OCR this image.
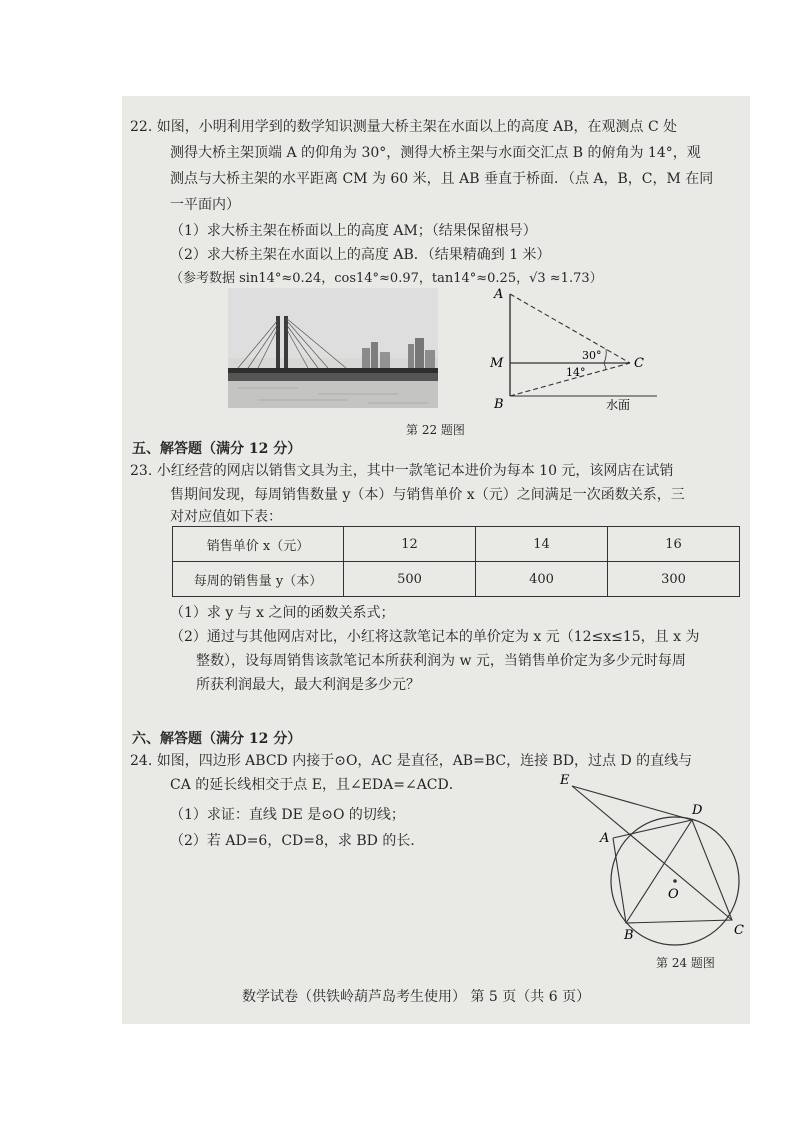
22. 如图，小明利用学到的数学知识测量大桥主架在水面以上的高度 AB，在观测点 C 处
测得大桥主架顶端 A 的仰角为 30°，测得大桥主架与水面交汇点 B 的俯角为 14°，观
测点与大桥主架的水平距离 CM 为 60 米，且 AB 垂直于桥面．（点 A，B，C，M 在同
一平面内）
（1）求大桥主架在桥面以上的高度 AM；（结果保留根号）
（2）求大桥主架在水面以上的高度 AB．（结果精确到 1 米）
（参考数据 sin14°≈0.24，cos14°≈0.97，tan14°≈0.25，√3 ≈1.73）
A
M
B
C
30°
14°
水面
第 22 题图
五、解答题（满分 12 分）
23. 小红经营的网店以销售文具为主，其中一款笔记本进价为每本 10 元，该网店在试销
售期间发现，每周销售数量 y（本）与销售单价 x（元）之间满足一次函数关系，三
对对应值如下表：
销售单价 x（元）	12	14	16
每周的销售量 y（本）	500	400	300
（1）求 y 与 x 之间的函数关系式；
（2）通过与其他网店对比，小红将这款笔记本的单价定为 x 元（12≤x≤15，且 x 为
整数），设每周销售该款笔记本所获利润为 w 元，当销售单价定为多少元时每周
所获利润最大，最大利润是多少元？
六、解答题（满分 12 分）
24. 如图，四边形 ABCD 内接于⊙O，AC 是直径，AB=BC，连接 BD，过点 D 的直线与
CA 的延长线相交于点 E，且∠EDA=∠ACD．
（1）求证：直线 DE 是⊙O 的切线；
（2）若 AD=6，CD=8，求 BD 的长．
E
D
A
O
B	C
第 24 题图
数学试卷（供铁岭葫芦岛考生使用） 第 5 页（共 6 页）
